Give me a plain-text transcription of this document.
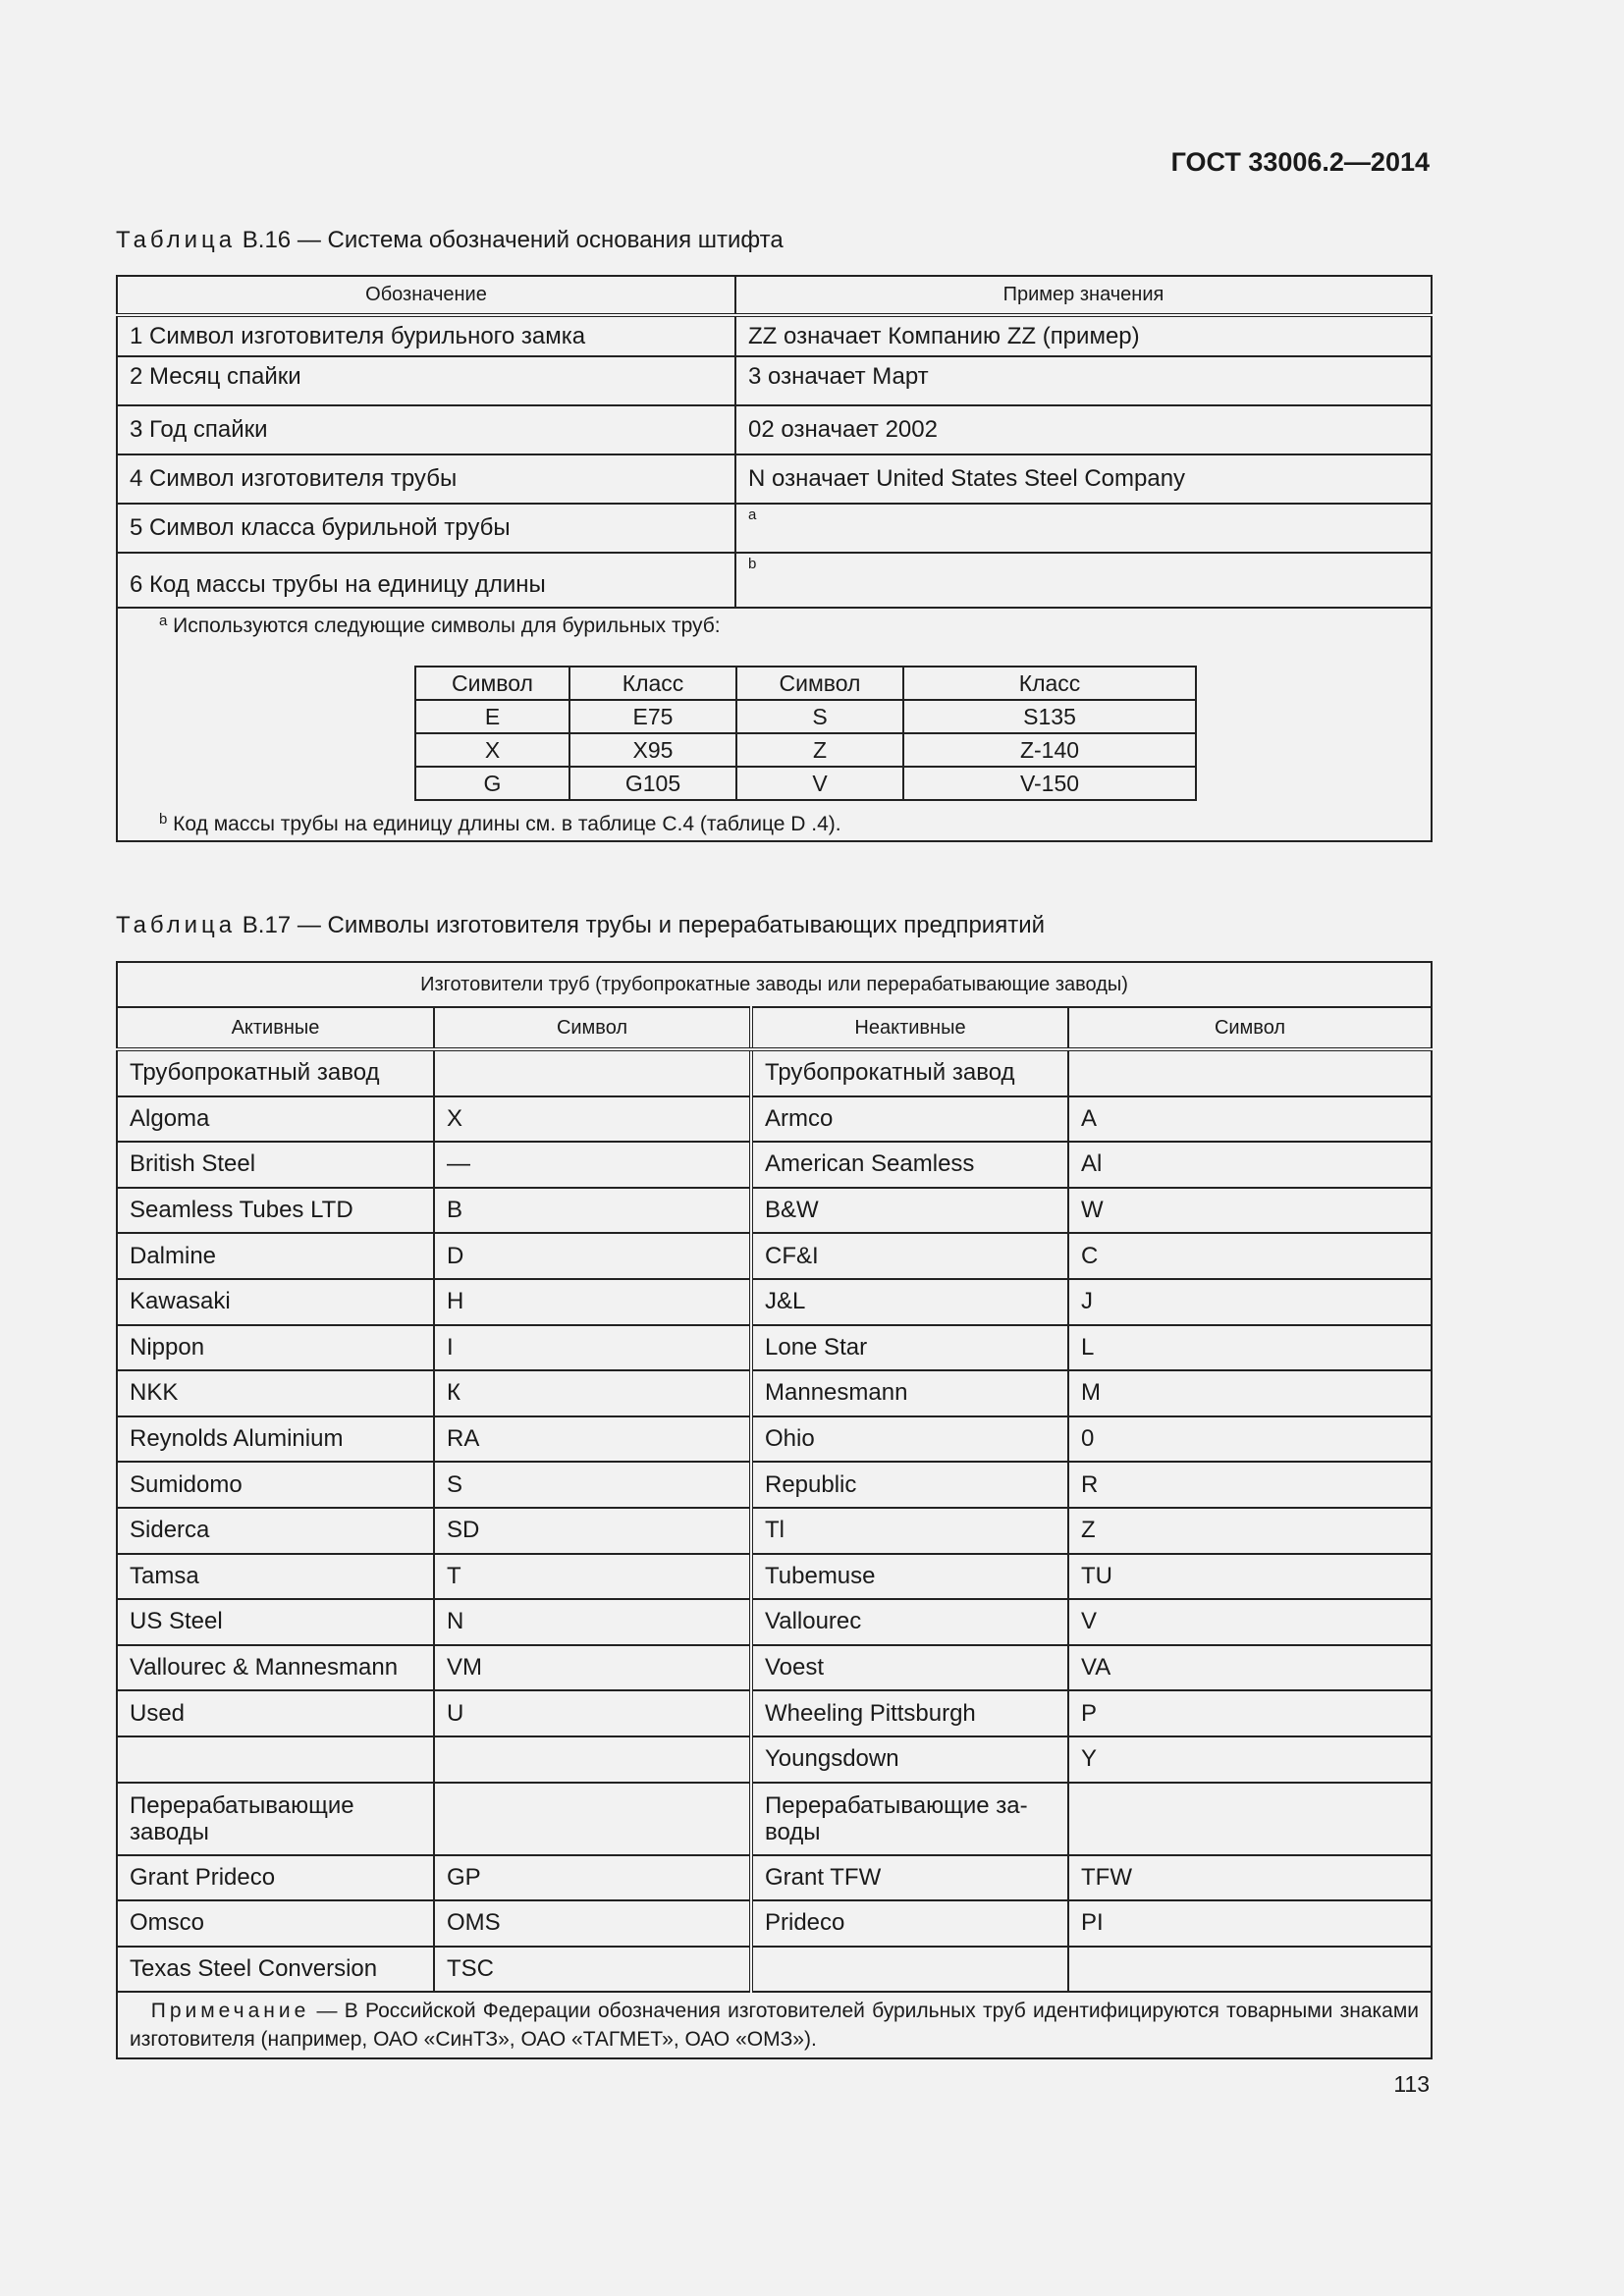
ГОСТ 33006.2—2014
Таблица В.16 — Система обозначений основания штифта
Обозначение	Пример значения
1 Символ изготовителя бурильного замка	ZZ означает Компанию ZZ (пример)
2 Месяц спайки	3 означает Март
3 Год спайки	02 означает 2002
4 Символ изготовителя трубы	N означает United States Steel Company
5 Символ класса бурильной трубы	$^a$
6 Код массы трубы на единицу длины	$^b$

$^a$ Используются следующие символы для бурильных труб:
Символ	Класс	Символ	Класс
E	E75	S	S135
X	X95	Z	Z-140
G	G105	V	V-150
$^b$ Код массы трубы на единицу длины см. в таблице С.4 (таблице D .4).
Таблица В.17 — Символы изготовителя трубы и перерабатывающих предприятий
Изготовители труб (трубопрокатные заводы или перерабатывающие заводы)			
Активные	Символ	Неактивные	Символ
Трубопрокатный завод		Трубопрокатный завод	
Algoma	X	Armco	A
British Steel	—	American Seamless	Al
Seamless Tubes LTD	B	B&W	W
Dalmine	D	CF&I	C
Kawasaki	H	J&L	J
Nippon	I	Lone Star	L
NKK	К	Mannesmann	M
Reynolds Aluminium	RA	Ohio	0
Sumidomo	S	Republic	R
Siderca	SD	Tl	Z
Tamsa	T	Tubemuse	TU
US Steel	N	Vallourec	V
Vallourec & Mannesmann	VM	Voest	VA
Used	U	Wheeling Pittsburgh	P
		Youngsdown	Y
Перерабатывающие заводы		Перерабатывающие за-воды	
Grant Prideco	GP	Grant TFW	TFW
Omsco	OMS	Prideco	PI
Texas Steel Conversion	TSC		
Примечание — В Российской Федерации обозначения изготовителей бурильных труб идентифицируются товарными знаками изготовителя (например, ОАО «СинТЗ», ОАО «ТАГМЕТ», ОАО «ОМЗ»).			
113
